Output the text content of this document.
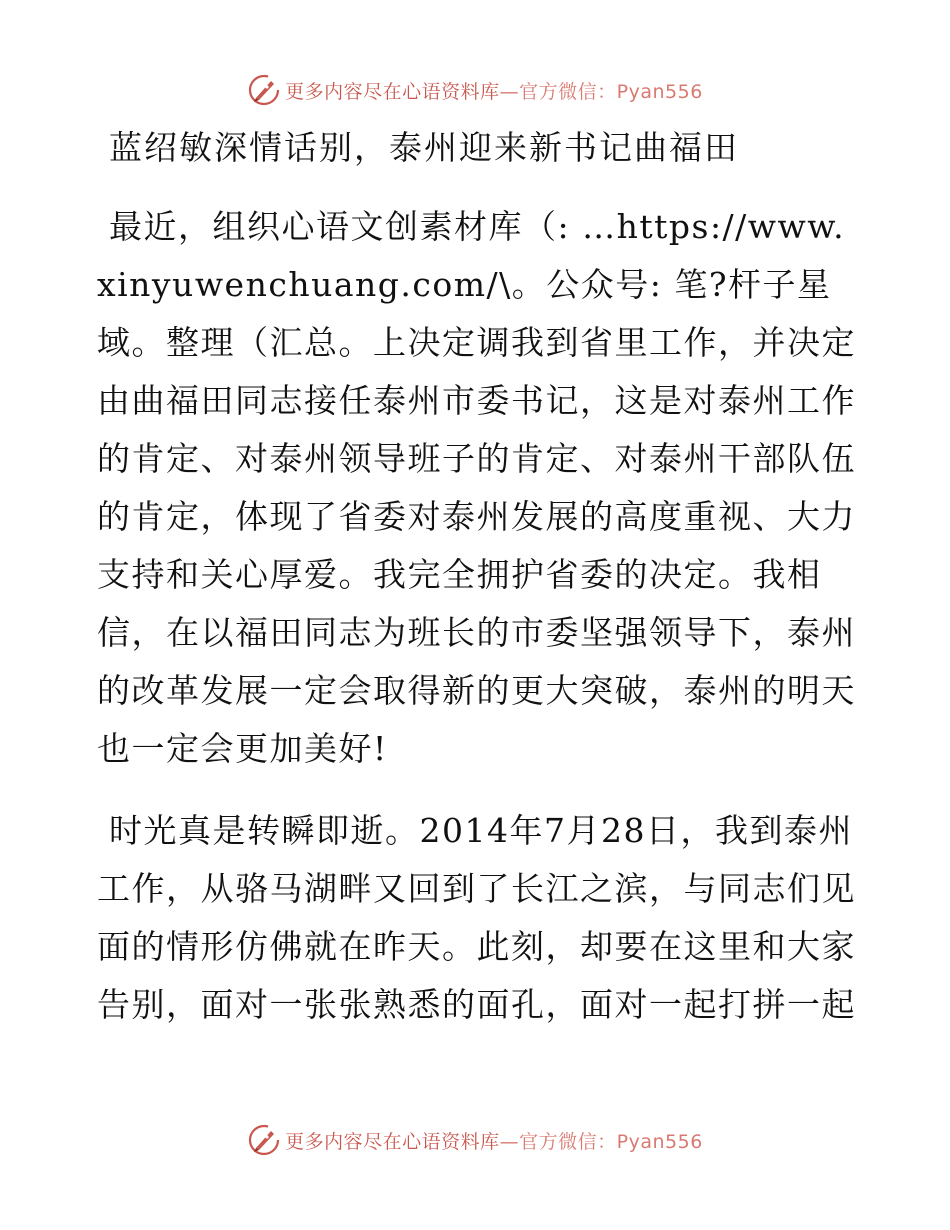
更多内容尽在心语资料库—官方微信：Pyan556
蓝绍敏深情话别，泰州迎来新书记曲福田

最近，组织心语文创素材库（: …https://www.xinyuwenchuang.com/\。公众号: 笔?杆子星域。整理（汇总。上决定调我到省里工作，并决定由曲福田同志接任泰州市委书记，这是对泰州工作的肯定、对泰州领导班子的肯定、对泰州干部队伍的肯定，体现了省委对泰州发展的高度重视、大力支持和关心厚爱。我完全拥护省委的决定。我相信，在以福田同志为班长的市委坚强领导下，泰州的改革发展一定会取得新的更大突破，泰州的明天也一定会更加美好!

时光真是转瞬即逝。2014年7月28日，我到泰州工作，从骆马湖畔又回到了长江之滨，与同志们见面的情形仿佛就在昨天。此刻，却要在这里和大家告别，面对一张张熟悉的面孔，面对一起打拼一起

更多内容尽在心语资料库—官方微信：Pyan556
